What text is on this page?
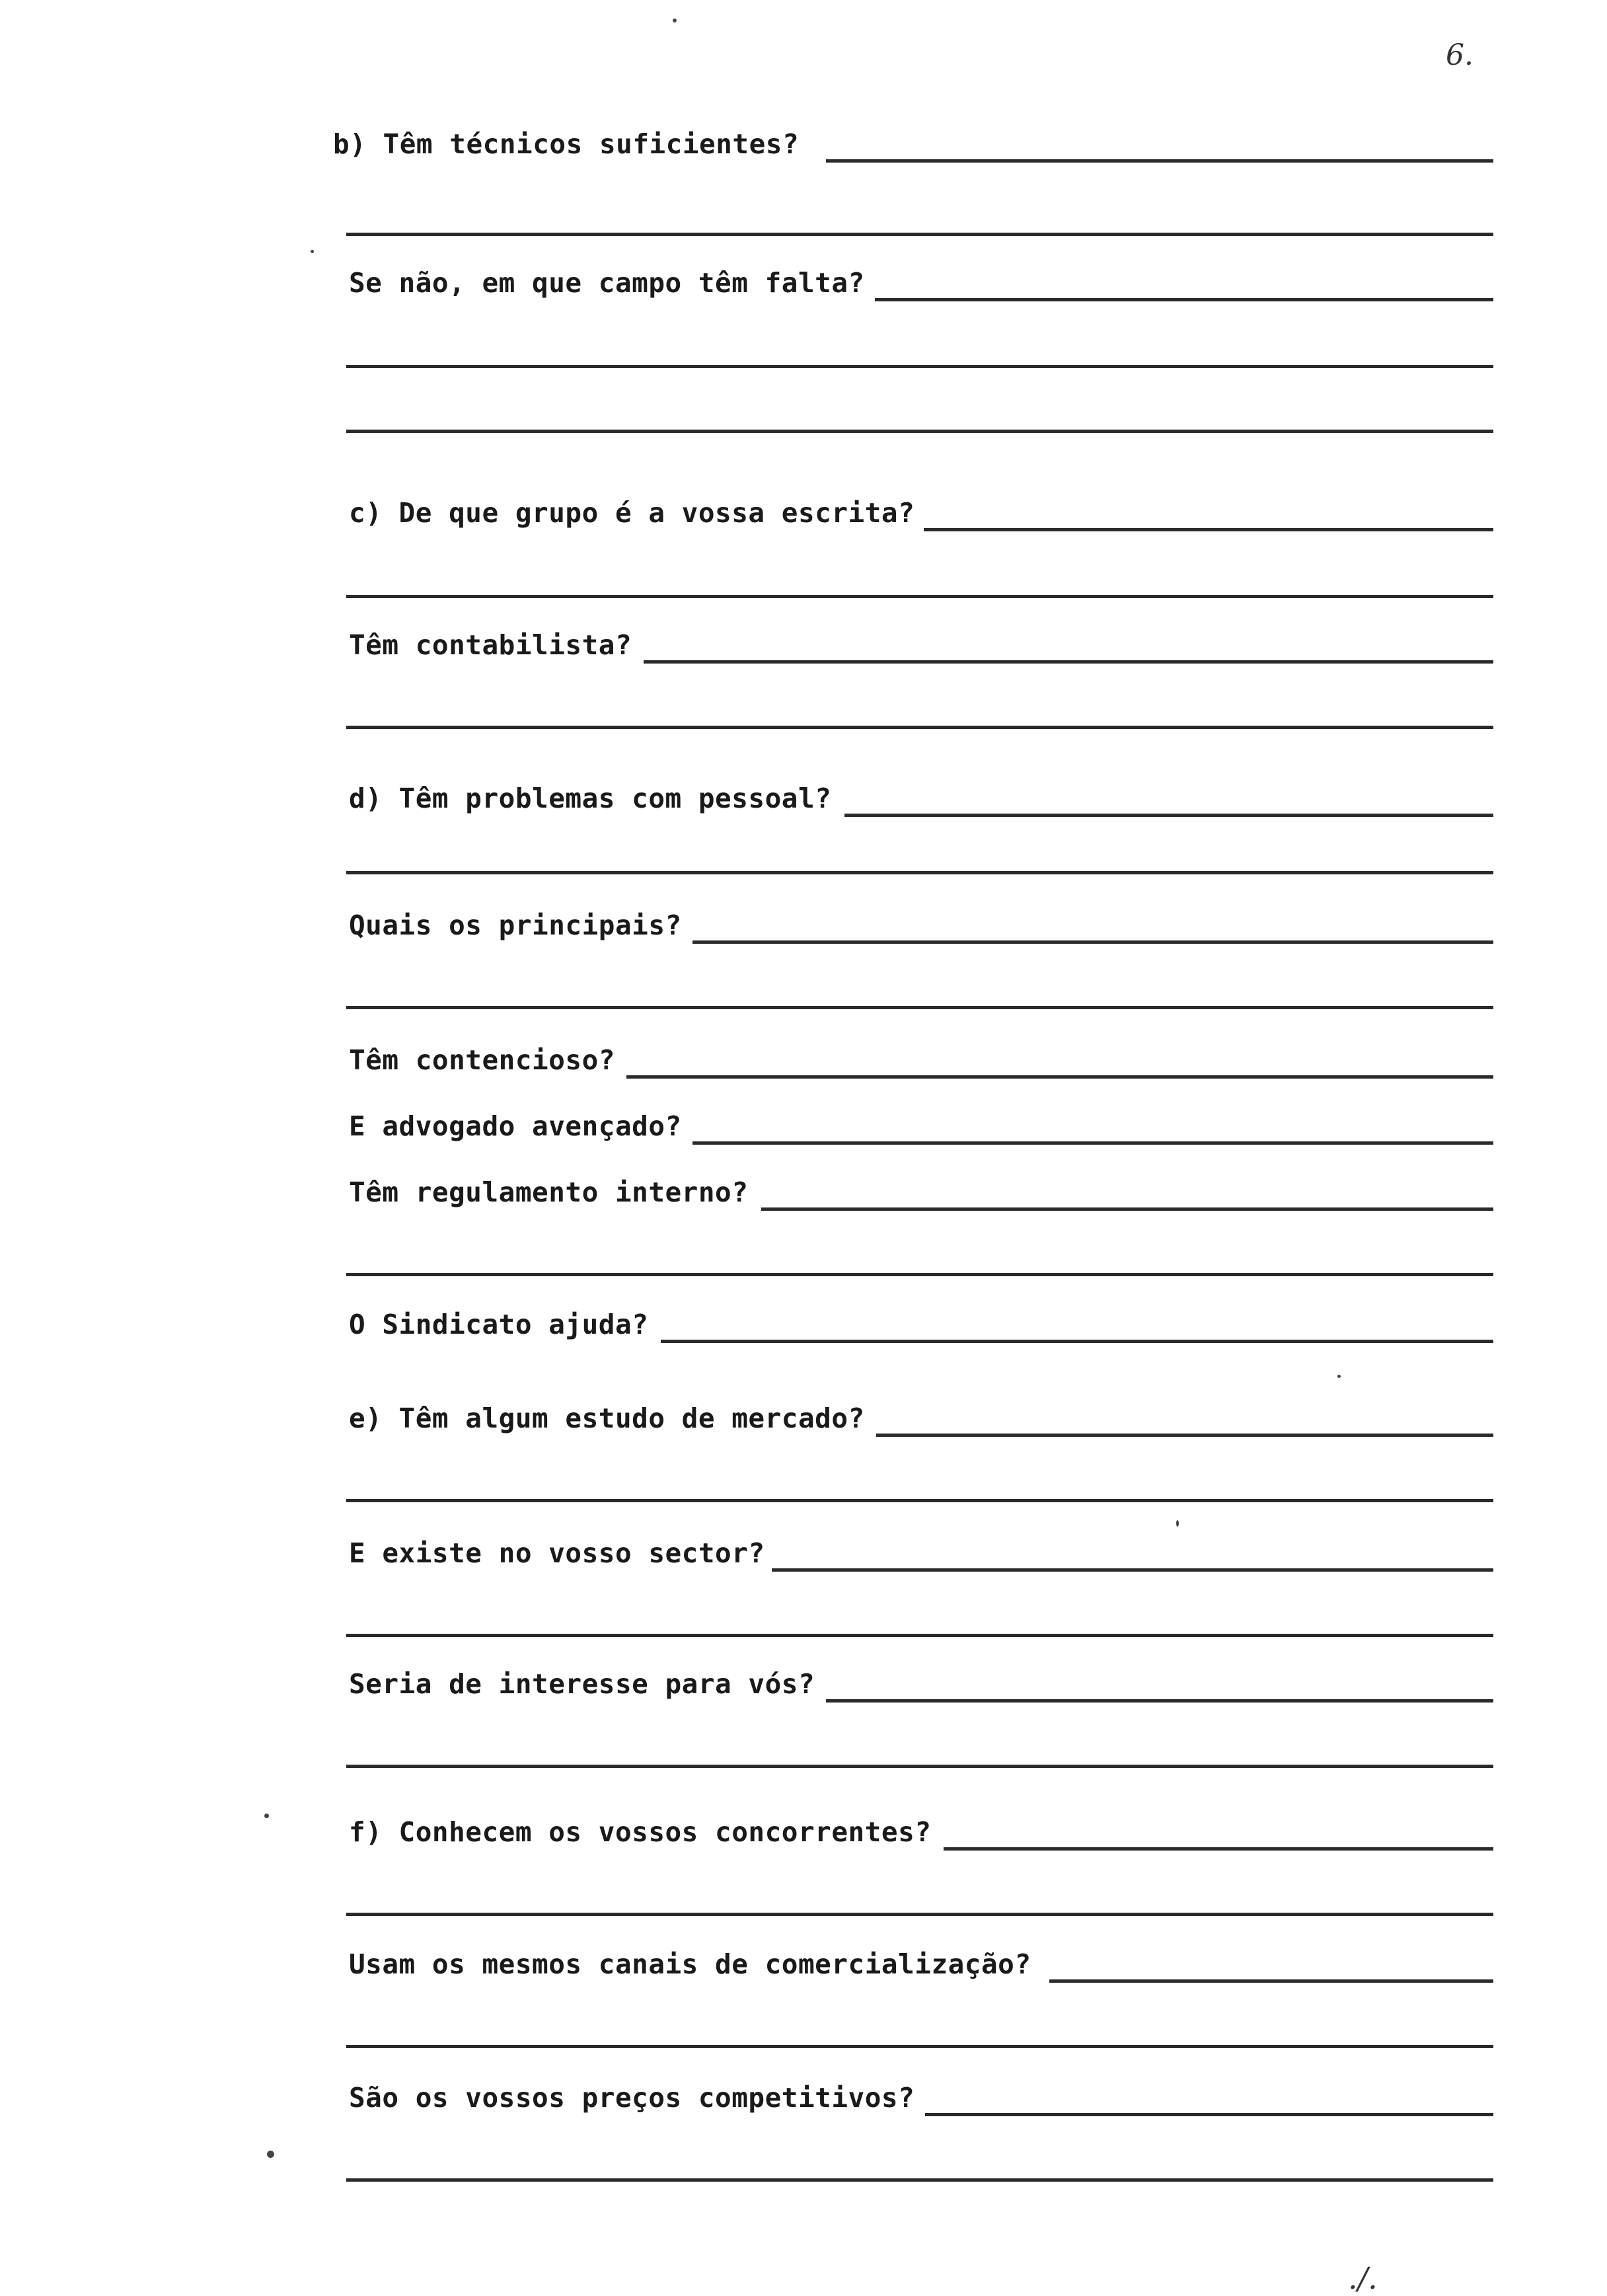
6.
b) Têm técnicos suficientes?
Se não, em que campo têm falta?
c) De que grupo é a vossa escrita?
Têm contabilista?
d) Têm problemas com pessoal?
Quais os principais?
Têm contencioso?
E advogado avençado?
Têm regulamento interno?
O Sindicato ajuda?
e) Têm algum estudo de mercado?
E existe no vosso sector?
Seria de interesse para vós?
f) Conhecem os vossos concorrentes?
Usam os mesmos canais de comercialização?
São os vossos preços competitivos?
./.
